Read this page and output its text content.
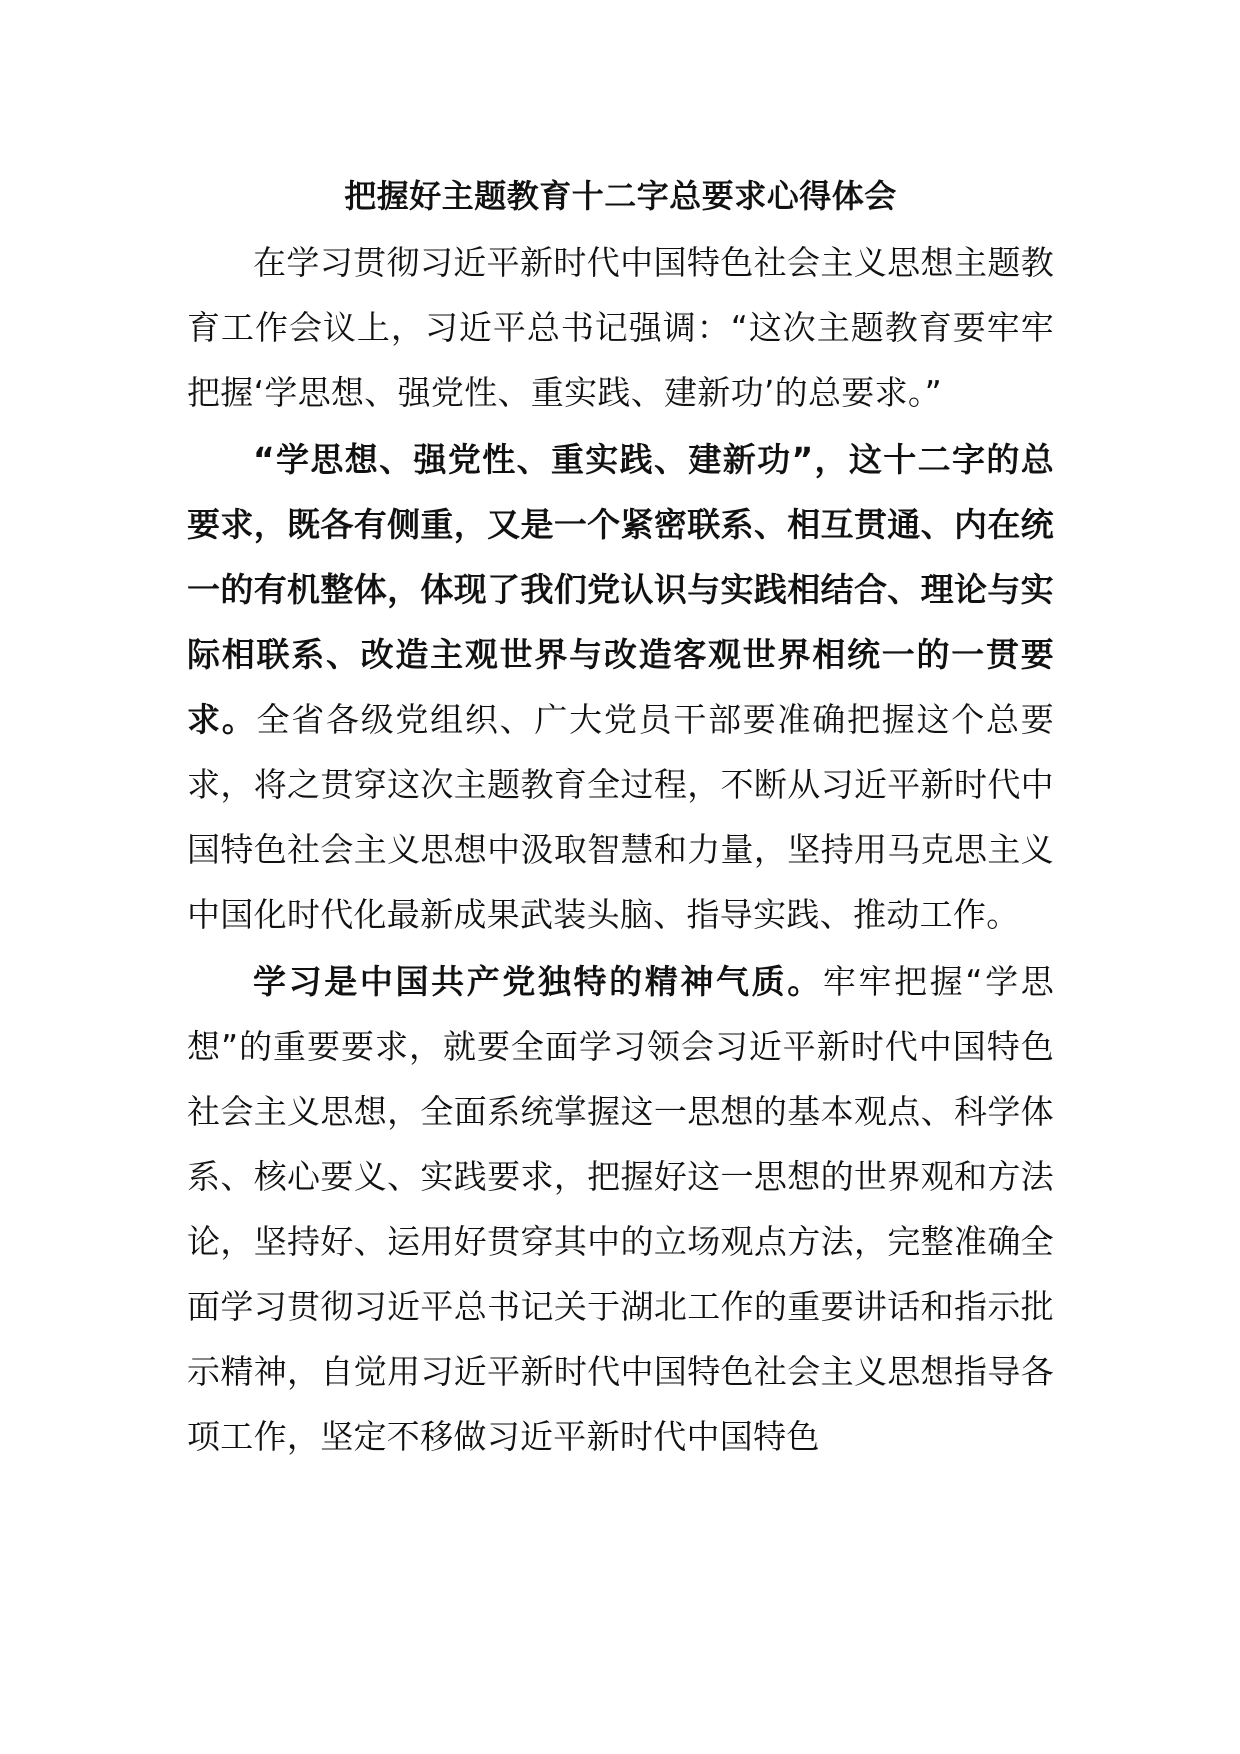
把握好主题教育十二字总要求心得体会

在学习贯彻习近平新时代中国特色社会主义思想主题教育工作会议上，习近平总书记强调：“这次主题教育要牢牢把握‘学思想、强党性、重实践、建新功’的总要求。”

“学思想、强党性、重实践、建新功”，这十二字的总要求，既各有侧重，又是一个紧密联系、相互贯通、内在统一的有机整体，体现了我们党认识与实践相结合、理论与实际相联系、改造主观世界与改造客观世界相统一的一贯要求。全省各级党组织、广大党员干部要准确把握这个总要求，将之贯穿这次主题教育全过程，不断从习近平新时代中国特色社会主义思想中汲取智慧和力量，坚持用马克思主义中国化时代化最新成果武装头脑、指导实践、推动工作。

学习是中国共产党独特的精神气质。牢牢把握“学思想”的重要要求，就要全面学习领会习近平新时代中国特色社会主义思想，全面系统掌握这一思想的基本观点、科学体系、核心要义、实践要求，把握好这一思想的世界观和方法论，坚持好、运用好贯穿其中的立场观点方法，完整准确全面学习贯彻习近平总书记关于湖北工作的重要讲话和指示批示精神，自觉用习近平新时代中国特色社会主义思想指导各项工作，坚定不移做习近平新时代中国特色
